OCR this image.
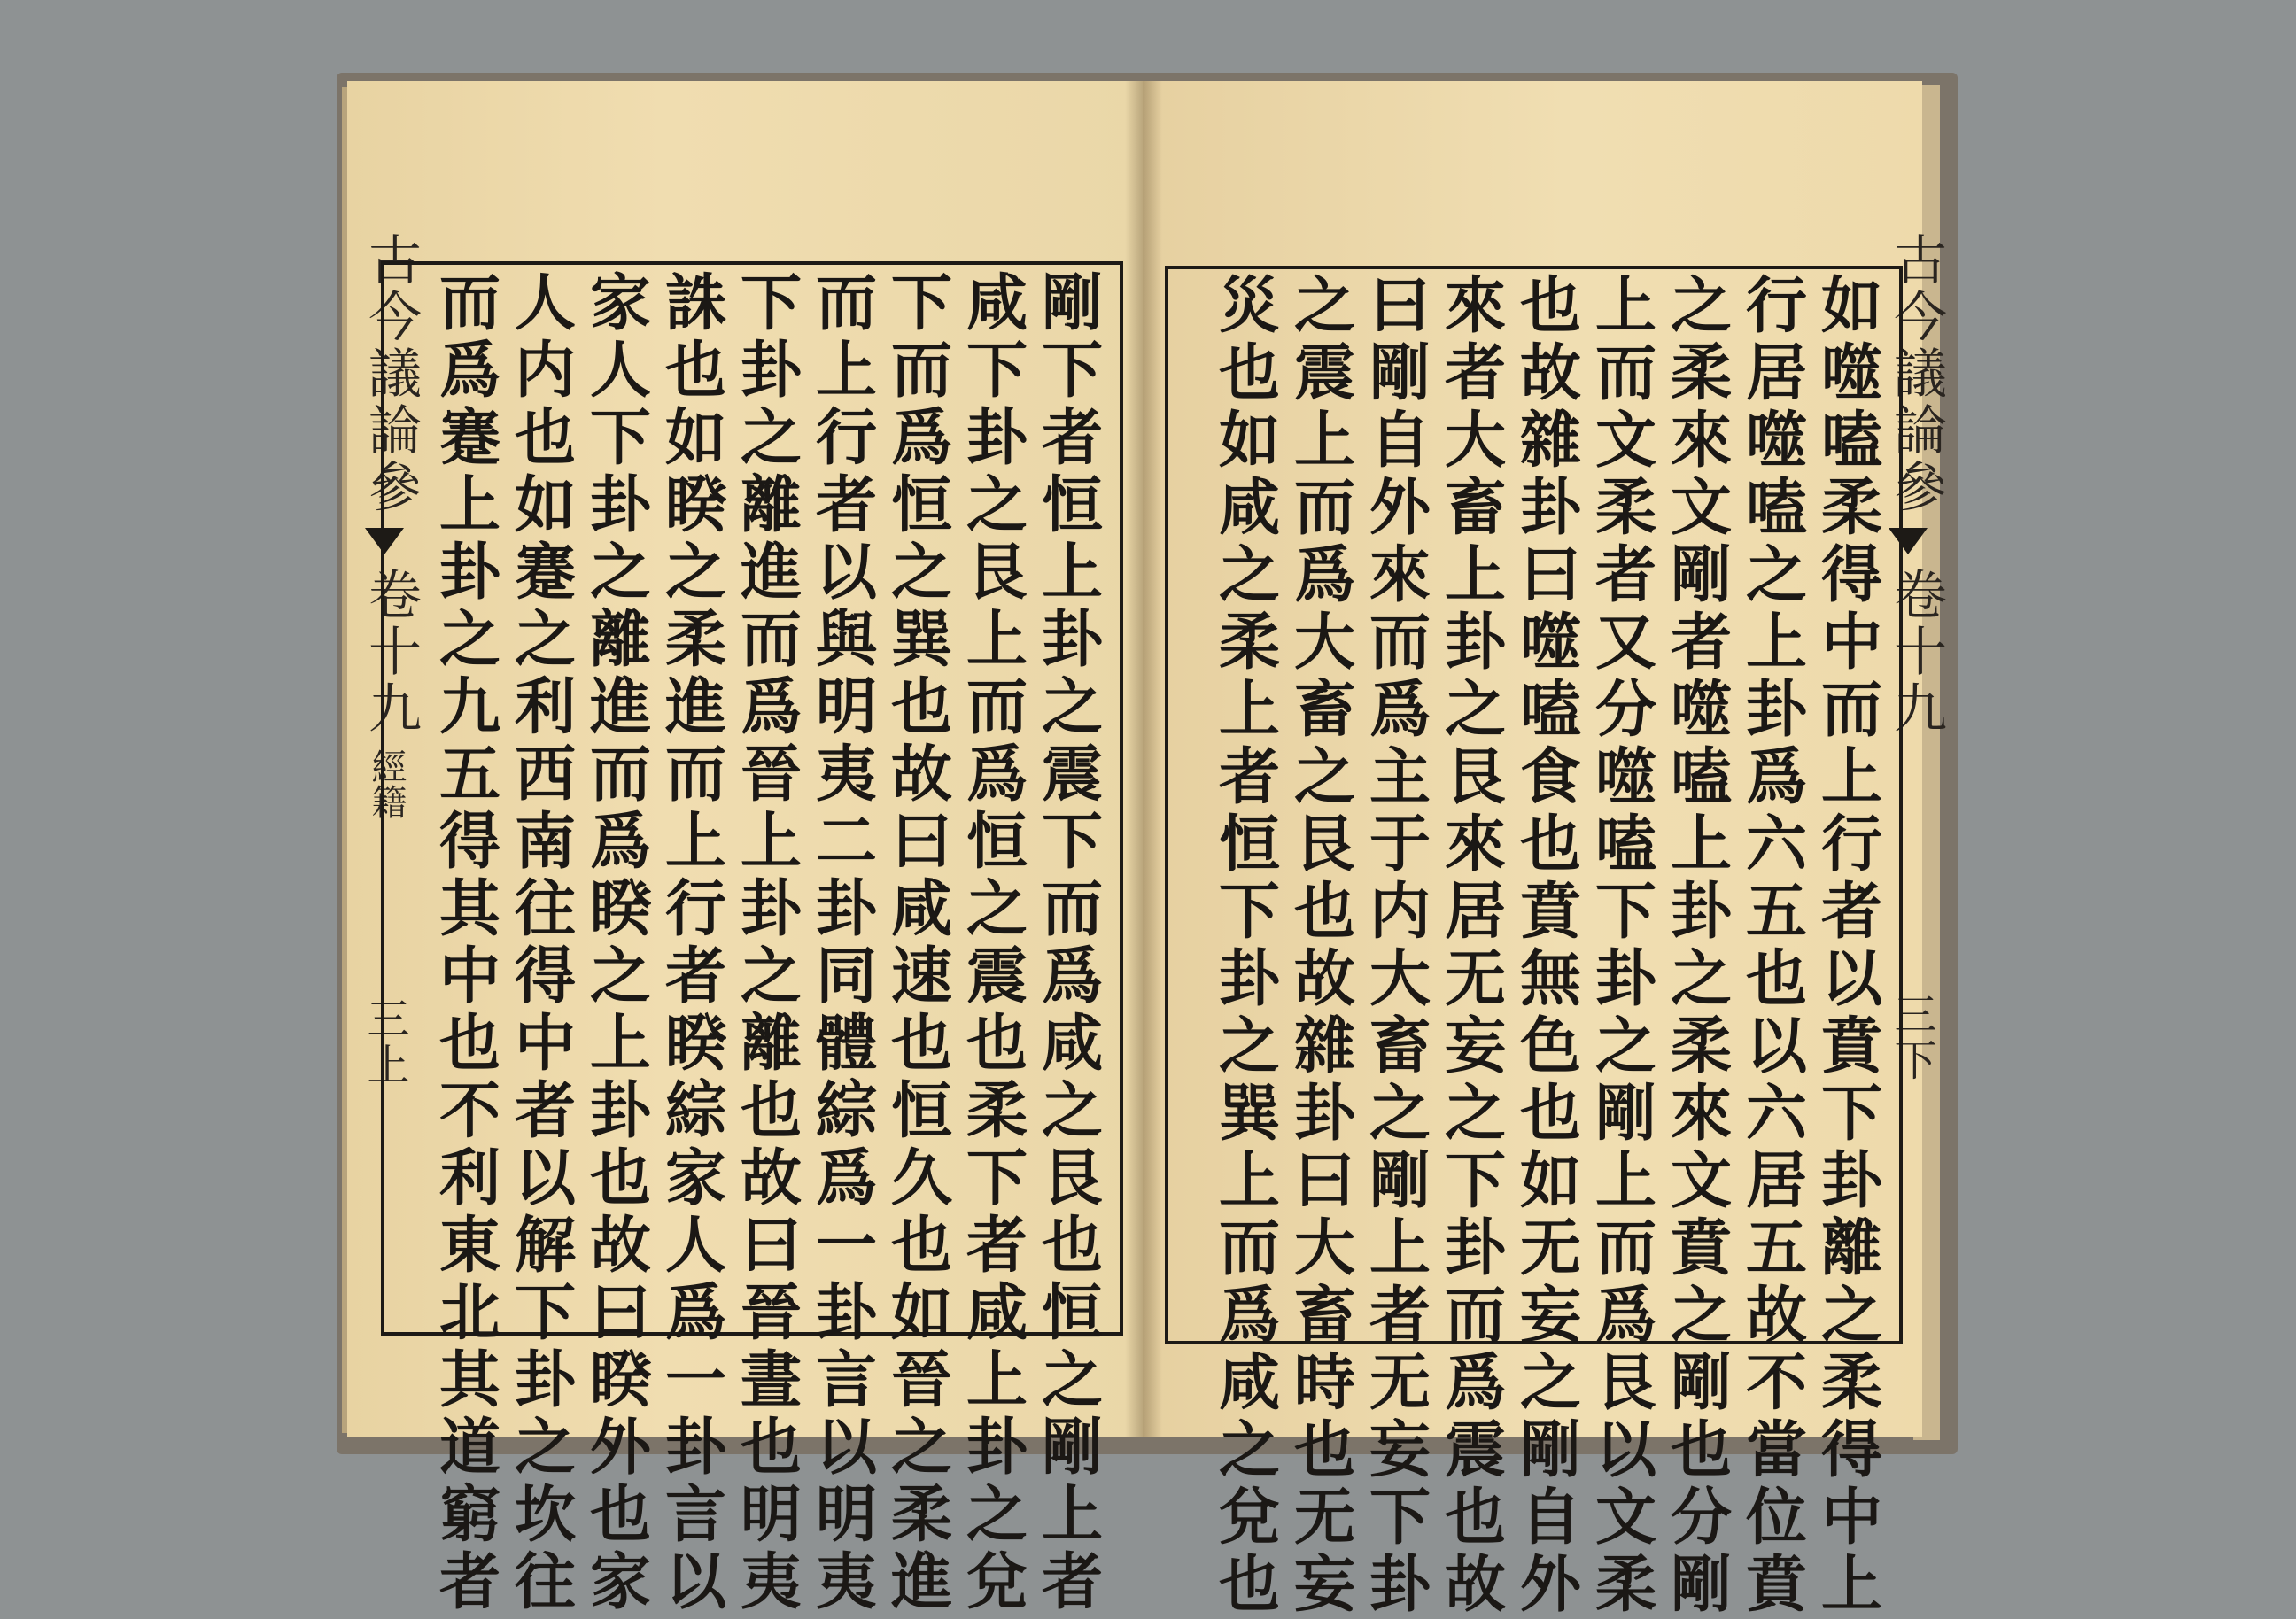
古今議論參
卷十九
經籍
三上	剛下者恒上卦之震下而爲咸之艮也恒之剛上者
咸下卦之艮上而爲恒之震也柔下者咸上卦之兌
下而爲恒之巽也故曰咸速也恒久也如晉之柔進
而上行者以與明夷二卦同體綜爲一卦言以明夷
下卦之離進而爲晉上卦之離也故曰晉晝也明夷
誅也如睽之柔進而上行者睽綜家人爲一卦言以
家人下卦之離進而爲睽之上卦也故曰睽外也家
人内也如蹇之利西南往得中者以解下卦之坎往
而爲蹇上卦之九五得其中也不利東北其道窮者	古今議論參
卷十九
三下
如噬嗑柔得中而上行者以賁下卦離之柔得中上
行居噬嗑之上卦爲六五也以六居五故不當位賁
之柔來文剛者噬嗑上卦之柔來文賁之剛也分剛
上而文柔者又分噬嗑下卦之剛上而爲艮以文柔
也故雜卦曰噬嗑食也賁無色也如无妄之剛自外
來者大畜上卦之艮來居无妄之下卦而爲震也故
曰剛自外來而爲主于内大畜之剛上者无妄下卦
之震上而爲大畜之艮也故雜卦曰大畜時也无妄
災也如咸之柔上者恒下卦之巽上而爲咸之兌也
